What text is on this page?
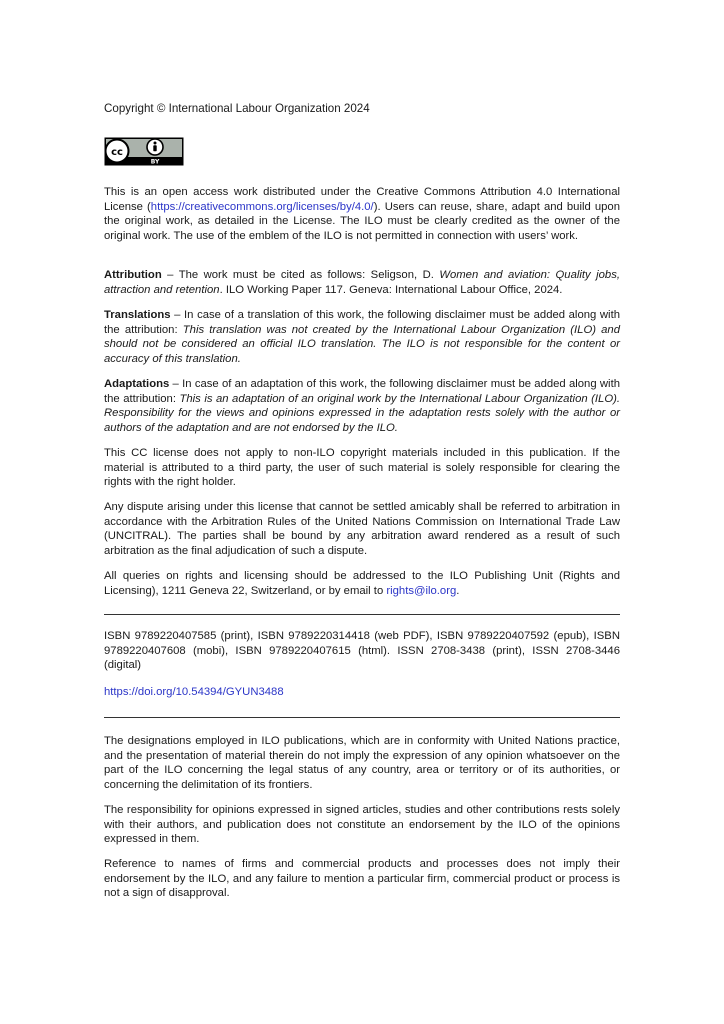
Copyright © International Labour Organization 2024
cc
BY

This is an open access work distributed under the Creative Commons Attribution 4.0 International License (https://creativecommons.org/licenses/by/4.0/). Users can reuse, share, adapt and build upon the original work, as detailed in the License. The ILO must be clearly credited as the owner of the original work. The use of the emblem of the ILO is not permitted in connection with users’ work.

Attribution – The work must be cited as follows: Seligson, D. Women and aviation: Quality jobs, attraction and retention. ILO Working Paper 117. Geneva: International Labour Office, 2024.

Translations – In case of a translation of this work, the following disclaimer must be added along with the attribution: This translation was not created by the International Labour Organization (ILO) and should not be considered an official ILO translation. The ILO is not responsible for the content or accuracy of this translation.

Adaptations – In case of an adaptation of this work, the following disclaimer must be added along with the attribution: This is an adaptation of an original work by the International Labour Organization (ILO). Responsibility for the views and opinions expressed in the adaptation rests solely with the author or authors of the adaptation and are not endorsed by the ILO.

This CC license does not apply to non-ILO copyright materials included in this publication. If the material is attributed to a third party, the user of such material is solely responsible for clearing the rights with the right holder.

Any dispute arising under this license that cannot be settled amicably shall be referred to arbitration in accordance with the Arbitration Rules of the United Nations Commission on International Trade Law (UNCITRAL). The parties shall be bound by any arbitration award rendered as a result of such arbitration as the final adjudication of such a dispute.

All queries on rights and licensing should be addressed to the ILO Publishing Unit (Rights and Licensing), 1211 Geneva 22, Switzerland, or by email to rights@ilo.org.

ISBN 9789220407585 (print), ISBN 9789220314418 (web PDF), ISBN 9789220407592 (epub), ISBN 9789220407608 (mobi), ISBN 9789220407615 (html). ISSN 2708-3438 (print), ISSN 2708-3446 (digital)

https://doi.org/10.54394/GYUN3488

The designations employed in ILO publications, which are in conformity with United Nations practice, and the presentation of material therein do not imply the expression of any opinion whatsoever on the part of the ILO concerning the legal status of any country, area or territory or of its authorities, or concerning the delimitation of its frontiers.

The responsibility for opinions expressed in signed articles, studies and other contributions rests solely with their authors, and publication does not constitute an endorsement by the ILO of the opinions expressed in them.

Reference to names of firms and commercial products and processes does not imply their endorsement by the ILO, and any failure to mention a particular firm, commercial product or process is not a sign of disapproval.
